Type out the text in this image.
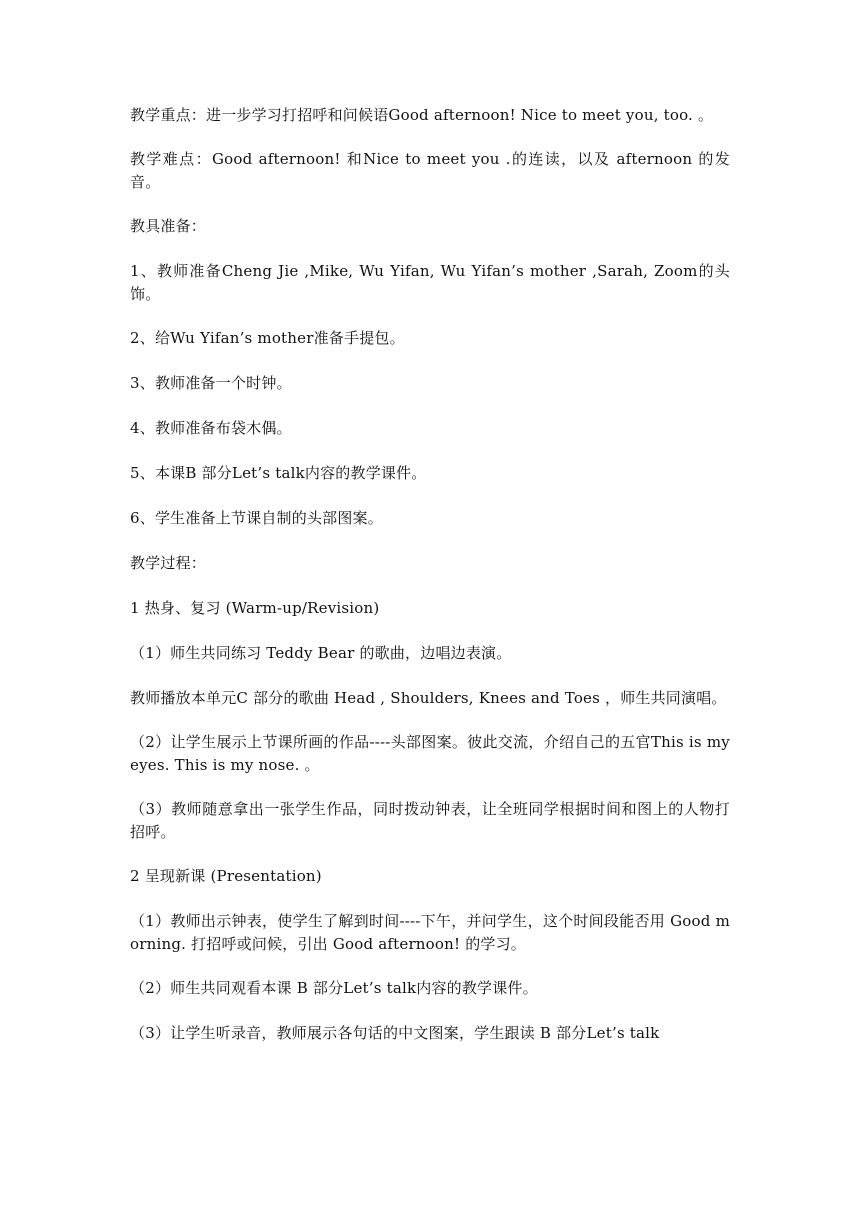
教学重点：进一步学习打招呼和问候语Good afternoon! Nice to meet you, too. 。

教学难点：Good afternoon! 和Nice to meet you .的连读，以及 afternoon 的发音。

教具准备：

1、教师准备Cheng Jie ,Mike, Wu Yifan, Wu Yifan’s mother ,Sarah, Zoom的头饰。

2、给Wu Yifan’s mother准备手提包。

3、教师准备一个时钟。

4、教师准备布袋木偶。

5、本课B 部分Let’s talk内容的教学课件。

6、学生准备上节课自制的头部图案。

教学过程：

1 热身、复习 (Warm-up/Revision)

（1）师生共同练习 Teddy Bear 的歌曲，边唱边表演。

教师播放本单元C 部分的歌曲 Head , Shoulders, Knees and Toes ，师生共同演唱。

（2）让学生展示上节课所画的作品----头部图案。彼此交流，介绍自己的五官This is my eyes. This is my nose. 。

（3）教师随意拿出一张学生作品，同时拨动钟表，让全班同学根据时间和图上的人物打招呼。

2 呈现新课 (Presentation)

（1）教师出示钟表，使学生了解到时间----下午，并问学生，这个时间段能否用 Good morning. 打招呼或问候，引出 Good afternoon! 的学习。

（2）师生共同观看本课 B 部分Let’s talk内容的教学课件。

（3）让学生听录音，教师展示各句话的中文图案，学生跟读 B 部分Let’s talk
